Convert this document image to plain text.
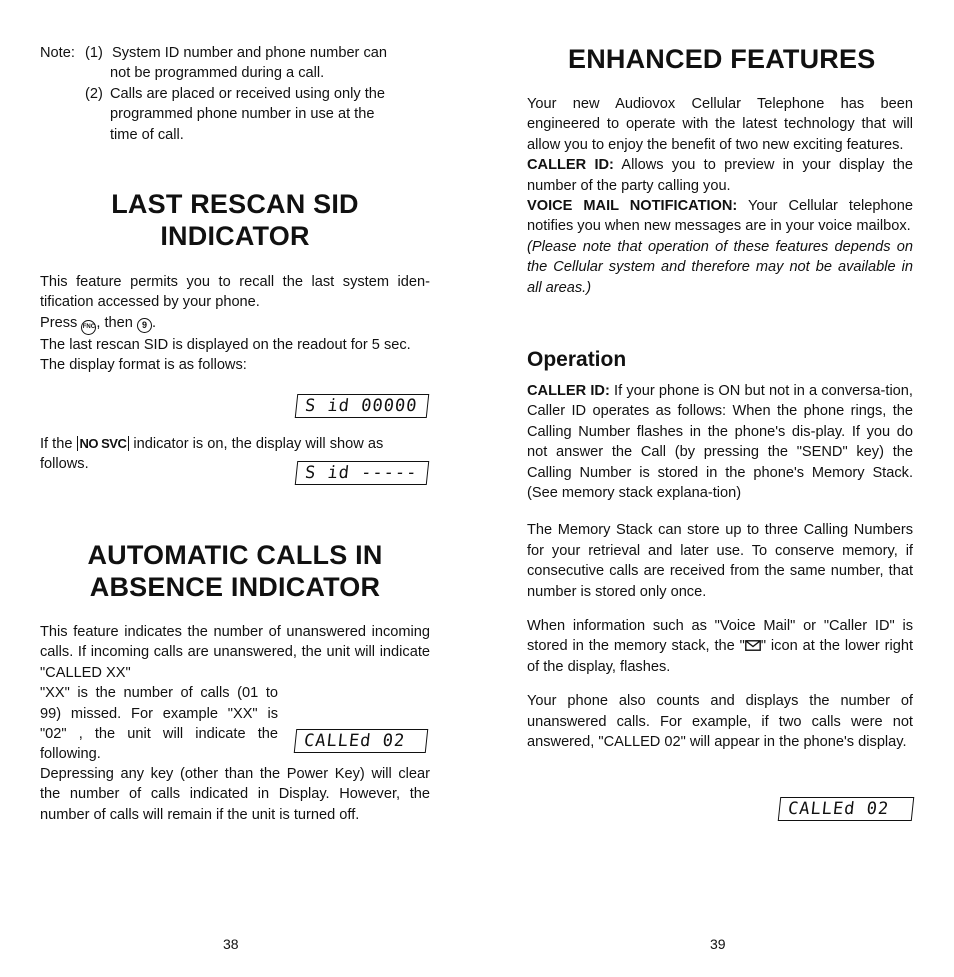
Note: (1) System ID number and phone number can
not be programmed during a call.
(2) Calls are placed or received using only the
programmed phone number in use at the
time of call.
LAST RESCAN SID
INDICATOR

This feature permits you to recall the last system iden-tification accessed by your phone.

Press FNC, then 9 .

The last rescan SID is displayed on the readout for 5 sec.

The display format is as follows:

S id 00000

If the NO SVC indicator is on, the display will show as

follows.	S id -----
AUTOMATIC CALLS IN
ABSENCE INDICATOR

This feature indicates the number of unanswered incoming calls. If incoming calls are unanswered, the unit will indicate "CALLED XX"

"XX" is the number of calls (01 to 99) missed. For example "XX" is "02" , the unit will indicate the following.

CALLEd 02

Depressing any key (other than the Power Key) will clear the number of calls indicated in Display. However, the number of calls will remain if the unit is turned off.

38
ENHANCED FEATURES

Your new Audiovox Cellular Telephone has been engineered to operate with the latest technology that will allow you to enjoy the benefit of two new exciting features.

CALLER ID: Allows you to preview in your display the number of the party calling you.

VOICE MAIL NOTIFICATION: Your Cellular telephone notifies you when new messages are in your voice mailbox.

(Please note that operation of these features depends on the Cellular system and therefore may not be available in all areas.)

Operation

CALLER ID: If your phone is ON but not in a conversa-tion, Caller ID operates as follows: When the phone rings, the Calling Number flashes in the phone's dis-play. If you do not answer the Call (by pressing the "SEND" key) the Calling Number is stored in the phone's Memory Stack. (See memory stack explana-tion)

The Memory Stack can store up to three Calling Numbers for your retrieval and later use. To conserve memory, if consecutive calls are received from the same number, that number is stored only once.

When information such as "Voice Mail" or "Caller ID" is stored in the memory stack, the " " icon at the lower right of the display, flashes.

Your phone also counts and displays the number of unanswered calls. For example, if two calls were not answered, "CALLED 02" will appear in the phone's display.

CALLEd 02
39
